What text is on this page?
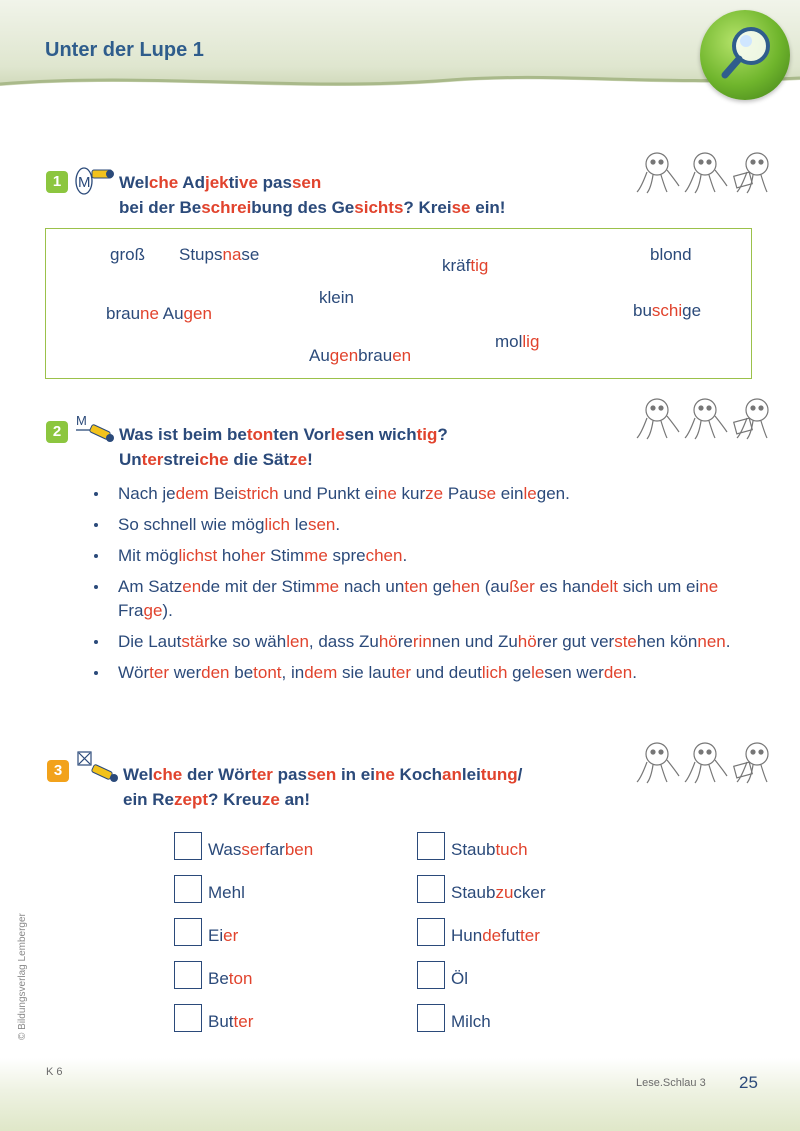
Unter der Lupe 1
1	M Welche Adjektive passen
bei der Beschreibung des Gesichts? Kreise ein!
groß Stupsnase
kräftig
blond
klein
braune Augen	buschige
mollig
Augenbrauen
2
M
Was ist beim betonten Vorlesen wichtig?
Unterstreiche die Sätze!
Nach jedem Beistrich und Punkt eine kurze Pause einlegen.
So schnell wie möglich lesen.
Mit möglichst hoher Stimme sprechen.
Am Satzende mit der Stimme nach unten gehen (außer es handelt sich um eine Frage).
Die Lautstärke so wählen, dass Zuhörerinnen und Zuhörer gut verstehen können.
Wörter werden betont, indem sie lauter und deutlich gelesen werden.
3	Welche der Wörter passen in eine Kochanleitung/
ein Rezept? Kreuze an!
Wasserfarben
Mehl
Eier
Beton
Butter
Staubtuch
Staubzucker
Hundefutter
Öl
Milch
© Bildungsverlag Lemberger
K 6
Lese.Schlau 3 25
